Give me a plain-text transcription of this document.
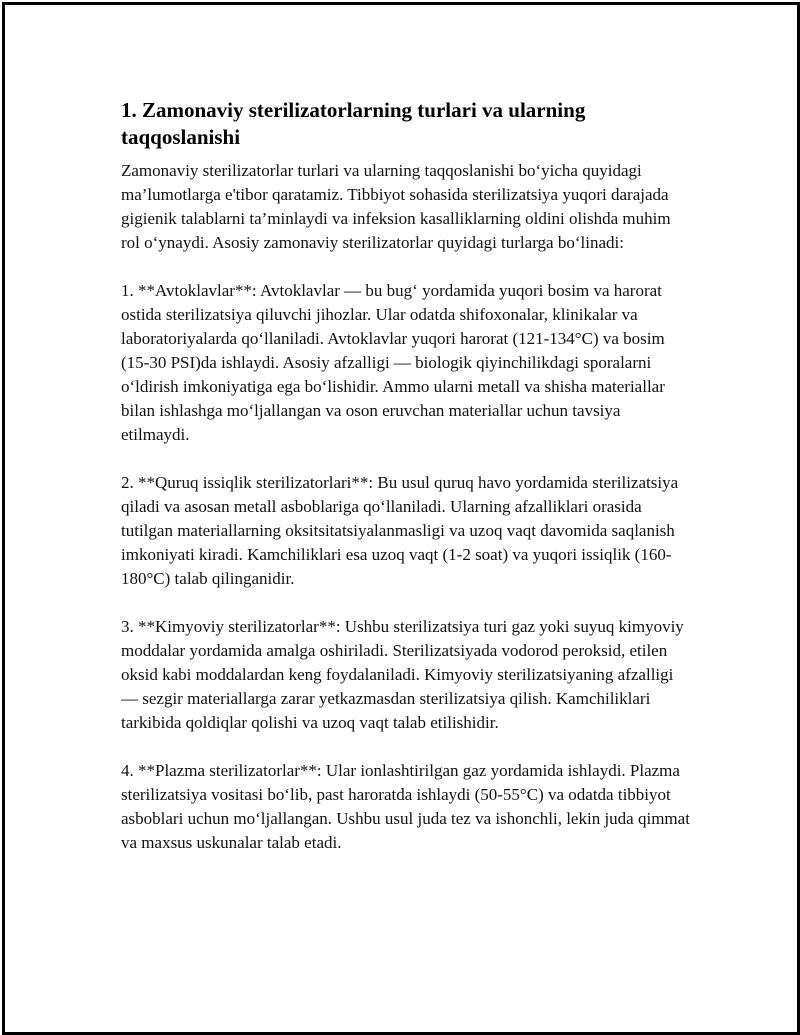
1. Zamonaviy sterilizatorlarning turlari va ularning taqqoslanishi

Zamonaviy sterilizatorlar turlari va ularning taqqoslanishi bo‘yicha quyidagi ma’lumotlarga e'tibor qaratamiz. Tibbiyot sohasida sterilizatsiya yuqori darajada gigienik talablarni ta’minlaydi va infeksion kasalliklarning oldini olishda muhim rol o‘ynaydi. Asosiy zamonaviy sterilizatorlar quyidagi turlarga bo‘linadi:

1. **Avtoklavlar**: Avtoklavlar — bu bug‘ yordamida yuqori bosim va harorat ostida sterilizatsiya qiluvchi jihozlar. Ular odatda shifoxonalar, klinikalar va laboratoriyalarda qo‘llaniladi. Avtoklavlar yuqori harorat (121-134°C) va bosim (15-30 PSI)da ishlaydi. Asosiy afzalligi — biologik qiyinchilikdagi sporalarni o‘ldirish imkoniyatiga ega bo‘lishidir. Ammo ularni metall va shisha materiallar bilan ishlashga mo‘ljallangan va oson eruvchan materiallar uchun tavsiya etilmaydi.

2. **Quruq issiqlik sterilizatorlari**: Bu usul quruq havo yordamida sterilizatsiya qiladi va asosan metall asboblariga qo‘llaniladi. Ularning afzalliklari orasida tutilgan materiallarning oksitsitatsiyalanmasligi va uzoq vaqt davomida saqlanish imkoniyati kiradi. Kamchiliklari esa uzoq vaqt (1-2 soat) va yuqori issiqlik (160-180°C) talab qilinganidir.

3. **Kimyoviy sterilizatorlar**: Ushbu sterilizatsiya turi gaz yoki suyuq kimyoviy moddalar yordamida amalga oshiriladi. Sterilizatsiyada vodorod peroksid, etilen oksid kabi moddalardan keng foydalaniladi. Kimyoviy sterilizatsiyaning afzalligi — sezgir materiallarga zarar yetkazmasdan sterilizatsiya qilish. Kamchiliklari tarkibida qoldiqlar qolishi va uzoq vaqt talab etilishidir.

4. **Plazma sterilizatorlar**: Ular ionlashtirilgan gaz yordamida ishlaydi. Plazma sterilizatsiya vositasi bo‘lib, past haroratda ishlaydi (50-55°C) va odatda tibbiyot asboblari uchun mo‘ljallangan. Ushbu usul juda tez va ishonchli, lekin juda qimmat va maxsus uskunalar talab etadi.
